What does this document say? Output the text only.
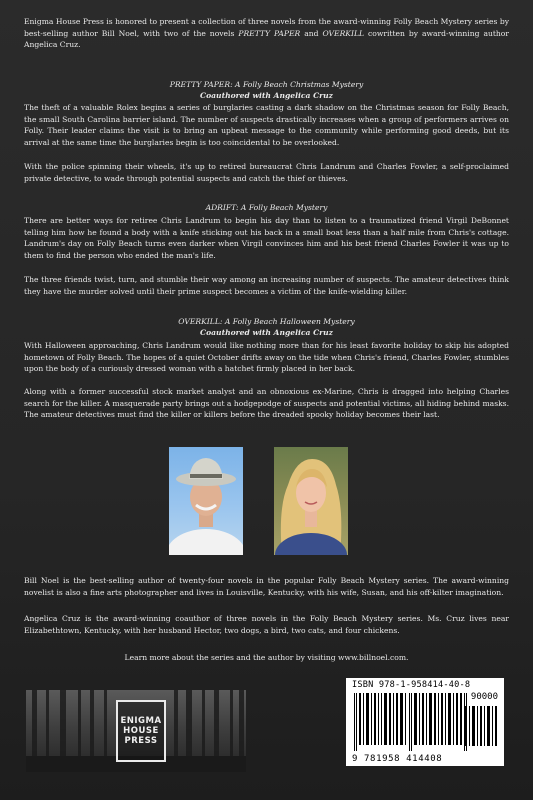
Enigma House Press is honored to present a collection of three novels from the award-winning Folly Beach Mystery series by best-selling author Bill Noel, with two of the novels PRETTY PAPER and OVERKILL cowritten by award-winning author Angelica Cruz.
PRETTY PAPER: A Folly Beach Christmas Mystery
Coauthored with Angelica Cruz
The theft of a valuable Rolex begins a series of burglaries casting a dark shadow on the Christmas season for Folly Beach, the small South Carolina barrier island. The number of suspects drastically increases when a group of performers arrives on Folly. Their leader claims the visit is to bring an upbeat message to the community while performing good deeds, but its arrival at the same time the burglaries begin is too coincidental to be overlooked.
With the police spinning their wheels, it's up to retired bureaucrat Chris Landrum and Charles Fowler, a self-proclaimed private detective, to wade through potential suspects and catch the thief or thieves.
ADRIFT: A Folly Beach Mystery
There are better ways for retiree Chris Landrum to begin his day than to listen to a traumatized friend Virgil DeBonnet telling him how he found a body with a knife sticking out his back in a small boat less than a half mile from Chris's cottage. Landrum's day on Folly Beach turns even darker when Virgil convinces him and his best friend Charles Fowler it was up to them to find the person who ended the man's life.
The three friends twist, turn, and stumble their way among an increasing number of suspects. The amateur detectives think they have the murder solved until their prime suspect becomes a victim of the knife-wielding killer.
OVERKILL: A Folly Beach Halloween Mystery
Coauthored with Angelica Cruz
With Halloween approaching, Chris Landrum would like nothing more than for his least favorite holiday to skip his adopted hometown of Folly Beach. The hopes of a quiet October drifts away on the tide when Chris's friend, Charles Fowler, stumbles upon the body of a curiously dressed woman with a hatchet firmly placed in her back.
Along with a former successful stock market analyst and an obnoxious ex-Marine, Chris is dragged into helping Charles search for the killer. A masquerade party brings out a hodgepodge of suspects and potential victims, all hiding behind masks. The amateur detectives must find the killer or killers before the dreaded spooky holiday becomes their last.
Bill Noel is the best-selling author of twenty-four novels in the popular Folly Beach Mystery series. The award-winning novelist is also a fine arts photographer and lives in Louisville, Kentucky, with his wife, Susan, and his off-kilter imagination.
Angelica Cruz is the award-winning coauthor of three novels in the Folly Beach Mystery series. Ms. Cruz lives near Elizabethtown, Kentucky, with her husband Hector, two dogs, a bird, two cats, and four chickens.
Learn more about the series and the author by visiting www.billnoel.com.
ENIGMA
HOUSE
PRESS
ISBN 978-1-958414-40-8
90000
9 781958 414408
